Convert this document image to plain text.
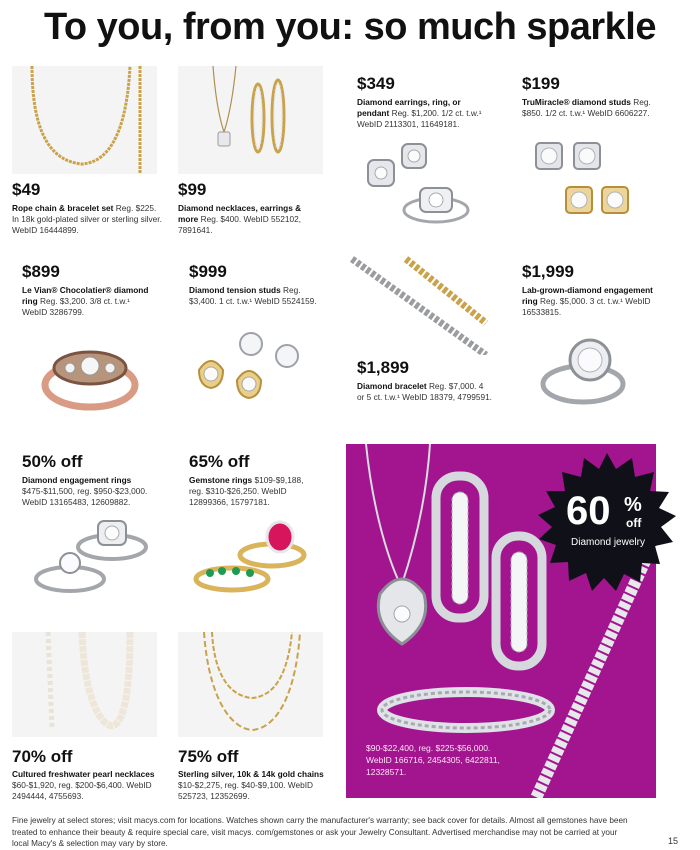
To you, from you: so much sparkle
$49
Rope chain & bracelet set Reg. $225. In 18k gold-plated silver or sterling silver. WebID 16444899.
$99
Diamond necklaces, earrings & more Reg. $400. WebID 552102, 7891641.
$349
Diamond earrings, ring, or pendant Reg. $1,200. 1/2 ct. t.w.¹ WebID 2113301, 11649181.
$199
TruMiracle® diamond studs Reg. $850. 1/2 ct. t.w.¹ WebID 6606227.
$899
Le Vian® Chocolatier® diamond ring Reg. $3,200. 3/8 ct. t.w.¹ WebID 3286799.
$999
Diamond tension studs Reg. $3,400. 1 ct. t.w.¹ WebID 5524159.
$1,899
Diamond bracelet Reg. $7,000. 4 or 5 ct. t.w.¹ WebID 18379, 4799591.
$1,999
Lab-grown-diamond engagement ring Reg. $5,000. 3 ct. t.w.¹ WebID 16533815.
50% off
Diamond engagement rings $475-$11,500, reg. $950-$23,000. WebID 13165483, 12609882.
65% off
Gemstone rings $109-$9,188, reg. $310-$26,250. WebID 12899366, 15797181.
70% off
Cultured freshwater pearl necklaces $60-$1,920, reg. $200-$6,400. WebID 2494444, 4755693.
75% off
Sterling silver, 10k & 14k gold chains $10-$2,275, reg. $40-$9,100. WebID 525723, 12352699.
$90-$22,400, reg. $225-$56,000. WebID 166716, 2454305, 6422811, 12328571.
60 %
off
Diamond jewelry
Fine jewelry at select stores; visit macys.com for locations. Watches shown carry the manufacturer's warranty; see back cover for details. Almost all gemstones have been treated to enhance their beauty & require special care, visit macys. com/gemstones or ask your Jewelry Consultant. Advertised merchandise may not be carried at your local Macy's & selection may vary by store.	15
